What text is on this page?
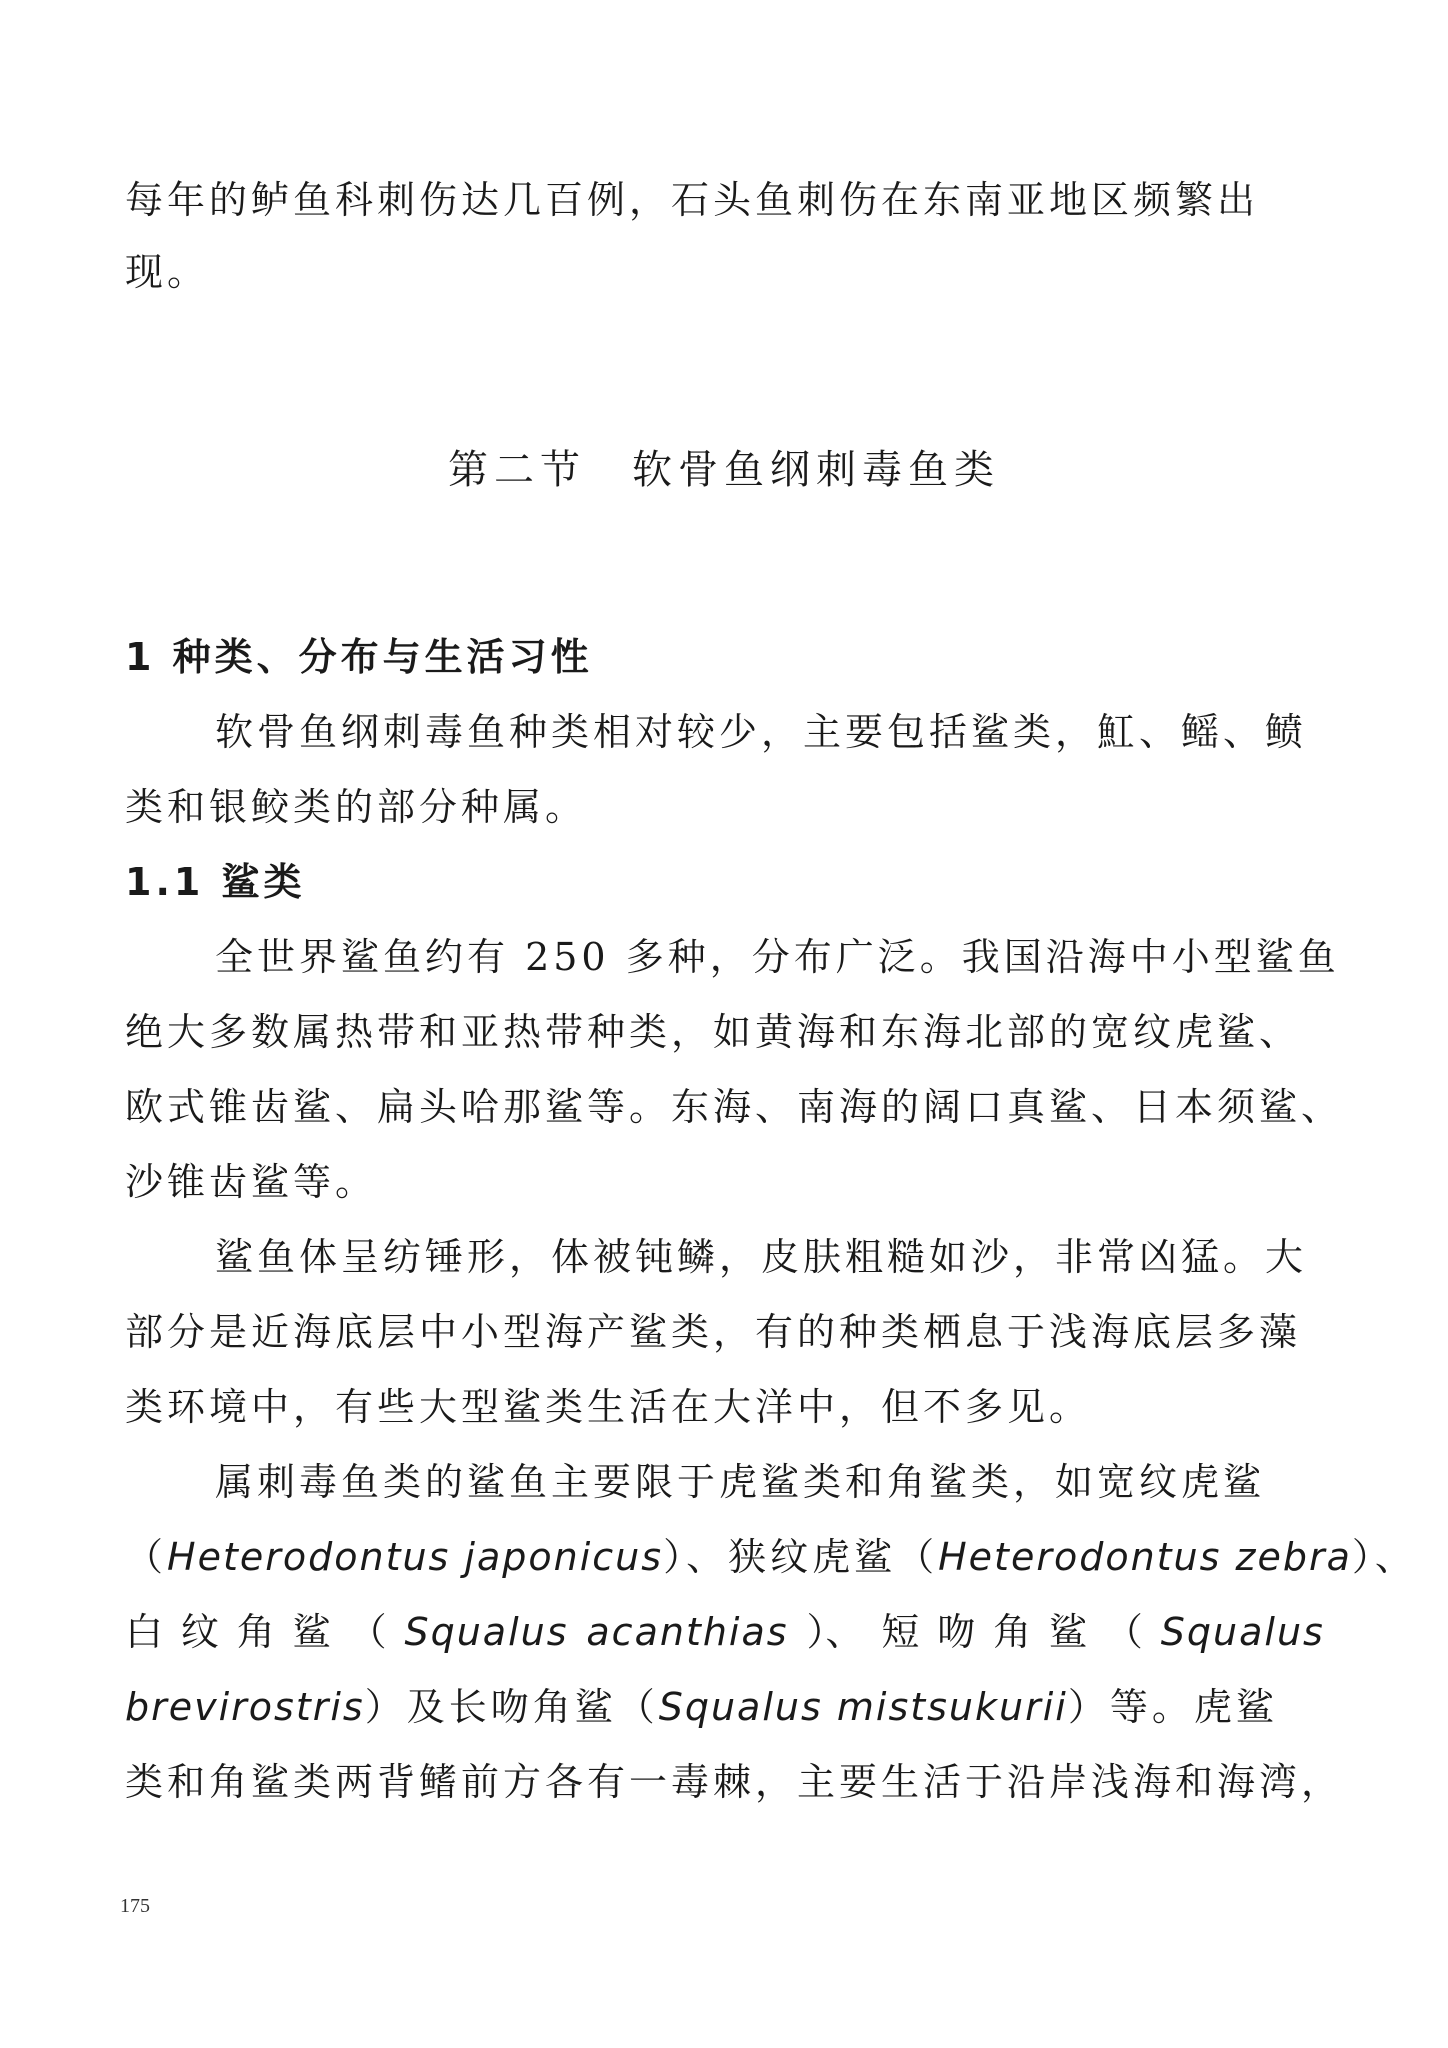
每年的鲈鱼科刺伤达几百例，石头鱼刺伤在东南亚地区频繁出
现。
第二节　软骨鱼纲刺毒鱼类
1 种类、分布与生活习性
软骨鱼纲刺毒鱼种类相对较少，主要包括鲨类，魟、鳐、鲼
类和银鲛类的部分种属。
1.1 鲨类
全世界鲨鱼约有 250 多种，分布广泛。我国沿海中小型鲨鱼
绝大多数属热带和亚热带种类，如黄海和东海北部的宽纹虎鲨、
欧式锥齿鲨、扁头哈那鲨等。东海、南海的阔口真鲨、日本须鲨、
沙锥齿鲨等。
鲨鱼体呈纺锤形，体被钝鳞，皮肤粗糙如沙，非常凶猛。大
部分是近海底层中小型海产鲨类，有的种类栖息于浅海底层多藻
类环境中，有些大型鲨类生活在大洋中，但不多见。
属刺毒鱼类的鲨鱼主要限于虎鲨类和角鲨类，如宽纹虎鲨
（Heterodontus japonicus）、狭纹虎鲨（Heterodontus zebra）、
白 纹 角 鲨 （ Squalus acanthias ）、 短 吻 角 鲨 （ Squalus
brevirostris）及长吻角鲨（Squalus mistsukurii）等。虎鲨
类和角鲨类两背鳍前方各有一毒棘，主要生活于沿岸浅海和海湾，
175
